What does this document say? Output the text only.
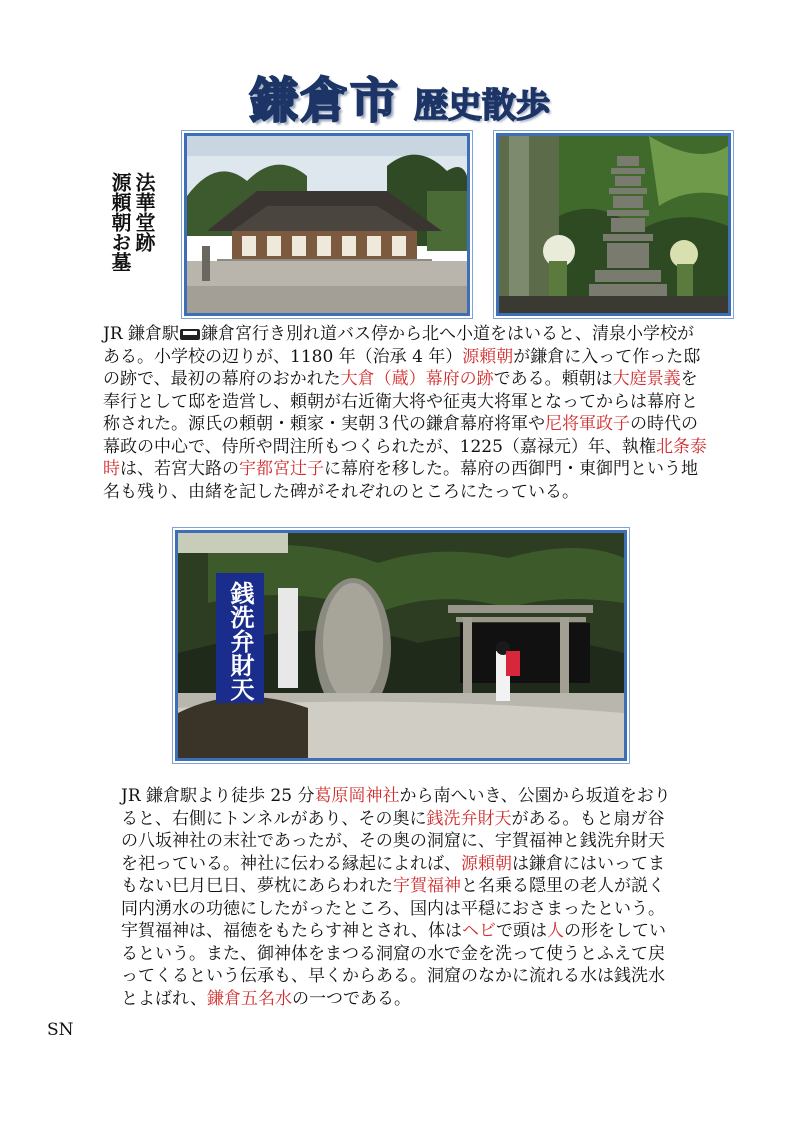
鎌倉市 歴史散歩
法華堂跡
源頼朝お墓

JR 鎌倉駅 鎌倉宮行き別れ道バス停から北へ小道をはいると、清泉小学校がある。小学校の辺りが、1180 年（治承 4 年）源頼朝が鎌倉に入って作った邸の跡で、最初の幕府のおかれた大倉（蔵）幕府の跡である。頼朝は大庭景義を奉行として邸を造営し、頼朝が右近衛大将や征夷大将軍となってからは幕府と称された。源氏の頼朝・頼家・実朝３代の鎌倉幕府将軍や尼将軍政子の時代の幕政の中心で、侍所や問注所もつくられたが、1225（嘉禄元）年、執権北条泰時は、若宮大路の宇都宮辻子に幕府を移した。幕府の西御門・東御門という地名も残り、由緒を記した碑がそれぞれのところにたっている。

銭洗弁財天

JR 鎌倉駅より徒歩 25 分葛原岡神社から南へいき、公園から坂道をおりると、右側にトンネルがあり、その奥に銭洗弁財天がある。もと扇ガ谷の八坂神社の末社であったが、その奥の洞窟に、宇賀福神と銭洗弁財天を祀っている。神社に伝わる縁起によれば、源頼朝は鎌倉にはいってまもない巳月巳日、夢枕にあらわれた宇賀福神と名乗る隠里の老人が説く同内湧水の功徳にしたがったところ、国内は平穏におさまったという。宇賀福神は、福徳をもたらす神とされ、体はヘビで頭は人の形をしているという。また、御神体をまつる洞窟の水で金を洗って使うとふえて戻ってくるという伝承も、早くからある。洞窟のなかに流れる水は銭洗水とよばれ、鎌倉五名水の一つである。

SN
